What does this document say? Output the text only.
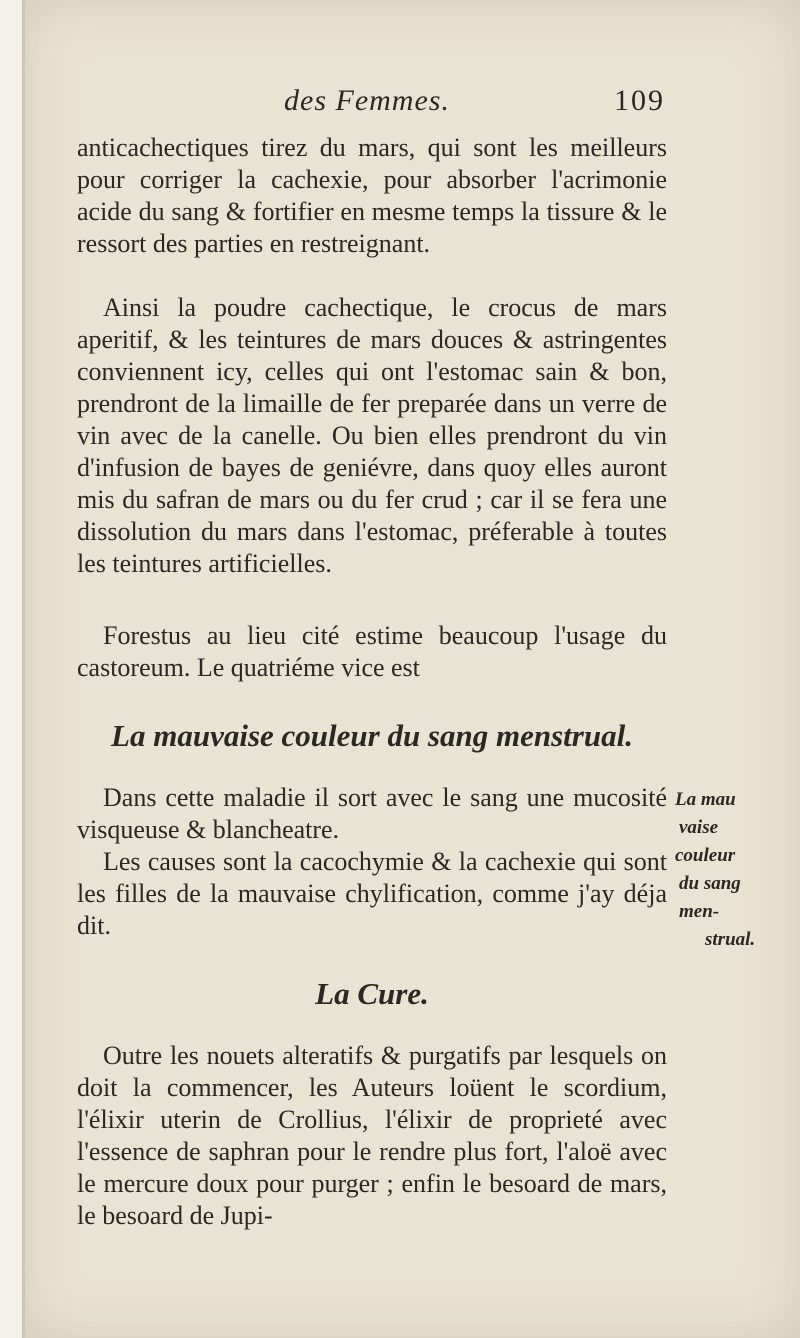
des Femmes.	109

anticachectiques tirez du mars, qui sont les meilleurs pour corriger la cachexie, pour absorber l'acrimonie acide du sang & fortifier en mesme temps la tissure & le ressort des parties en restreignant.

Ainsi la poudre cachectique, le crocus de mars aperitif, & les teintures de mars douces & astringentes conviennent icy, celles qui ont l'estomac sain & bon, prendront de la limaille de fer preparée dans un verre de vin avec de la canelle. Ou bien elles prendront du vin d'infusion de bayes de geniévre, dans quoy elles auront mis du safran de mars ou du fer crud ; car il se fera une dissolution du mars dans l'estomac, préferable à toutes les teintures artificielles.

Forestus au lieu cité estime beaucoup l'usage du castoreum. Le quatriéme vice est

La mauvaise couleur du sang menstrual.

Dans cette maladie il sort avec le sang une mucosité visqueuse & blancheatre.

Les causes sont la cacochymie & la cachexie qui sont les filles de la mauvaise chylification, comme j'ay déja dit.

La mau
vaise
couleur
du sang
men-
strual.
La Cure.

Outre les nouets alteratifs & purgatifs par lesquels on doit la commencer, les Auteurs loüent le scordium, l'élixir uterin de Crollius, l'élixir de proprieté avec l'essence de saphran pour le rendre plus fort, l'aloë avec le mercure doux pour purger ; enfin le besoard de mars, le besoard de Jupi-
